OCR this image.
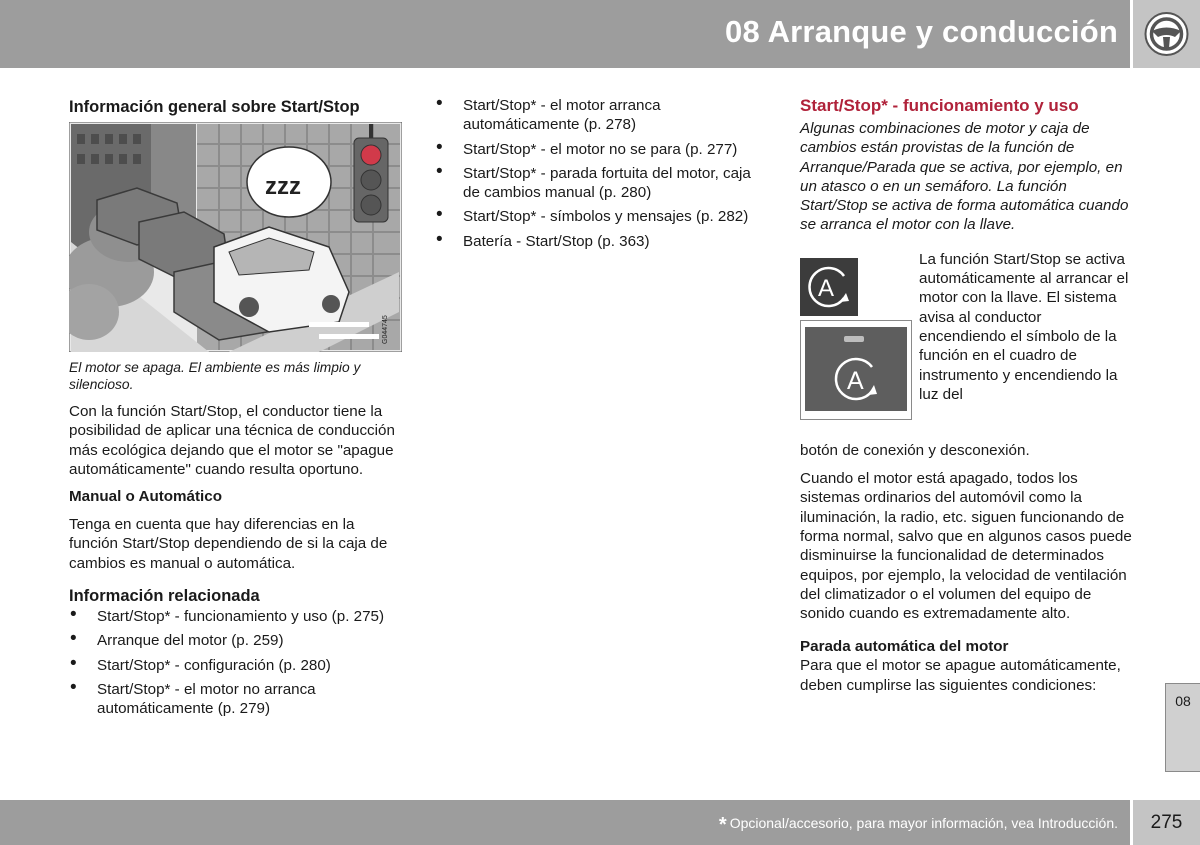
08 Arranque y conducción
Información general sobre Start/Stop
zzz
G044745

El motor se apaga. El ambiente es más limpio y silencioso.

Con la función Start/Stop, el conductor tiene la posibilidad de aplicar una técnica de conducción más ecológica dejando que el motor se "apague automáticamente" cuando resulta oportuno.

Manual o Automático

Tenga en cuenta que hay diferencias en la función Start/Stop dependiendo de si la caja de cambios es manual o automática.

Información relacionada
• Start/Stop* - funcionamiento y uso (p. 275)
• Arranque del motor (p. 259)
• Start/Stop* - configuración (p. 280)
• Start/Stop* - el motor no arranca automáticamente (p. 279)
• Start/Stop* - el motor arranca automáticamente (p. 278)
• Start/Stop* - el motor no se para (p. 277)
• Start/Stop* - parada fortuita del motor, caja de cambios manual (p. 280)
• Start/Stop* - símbolos y mensajes (p. 282)
• Batería - Start/Stop (p. 363)
Start/Stop* - funcionamiento y uso

Algunas combinaciones de motor y caja de cambios están provistas de la función de Arranque/Parada que se activa, por ejemplo, en un atasco o en un semáforo. La función Start/Stop se activa de forma automática cuando se arranca el motor con la llave.

A
A

La función Start/Stop se activa automáticamente al arrancar el motor con la llave. El sistema avisa al conductor encendiendo el símbolo de la función en el cuadro de instrumento y encendiendo la luz del

botón de conexión y desconexión.

Cuando el motor está apagado, todos los sistemas ordinarios del automóvil como la iluminación, la radio, etc. siguen funcionando de forma normal, salvo que en algunos casos puede disminuirse la funcionalidad de determinados equipos, por ejemplo, la velocidad de ventilación del climatizador o el volumen del equipo de sonido cuando es extremadamente alto.

Parada automática del motor

Para que el motor se apague automáticamente, deben cumplirse las siguientes condiciones:

08
* Opcional/accesorio, para mayor información, vea Introducción.	275
